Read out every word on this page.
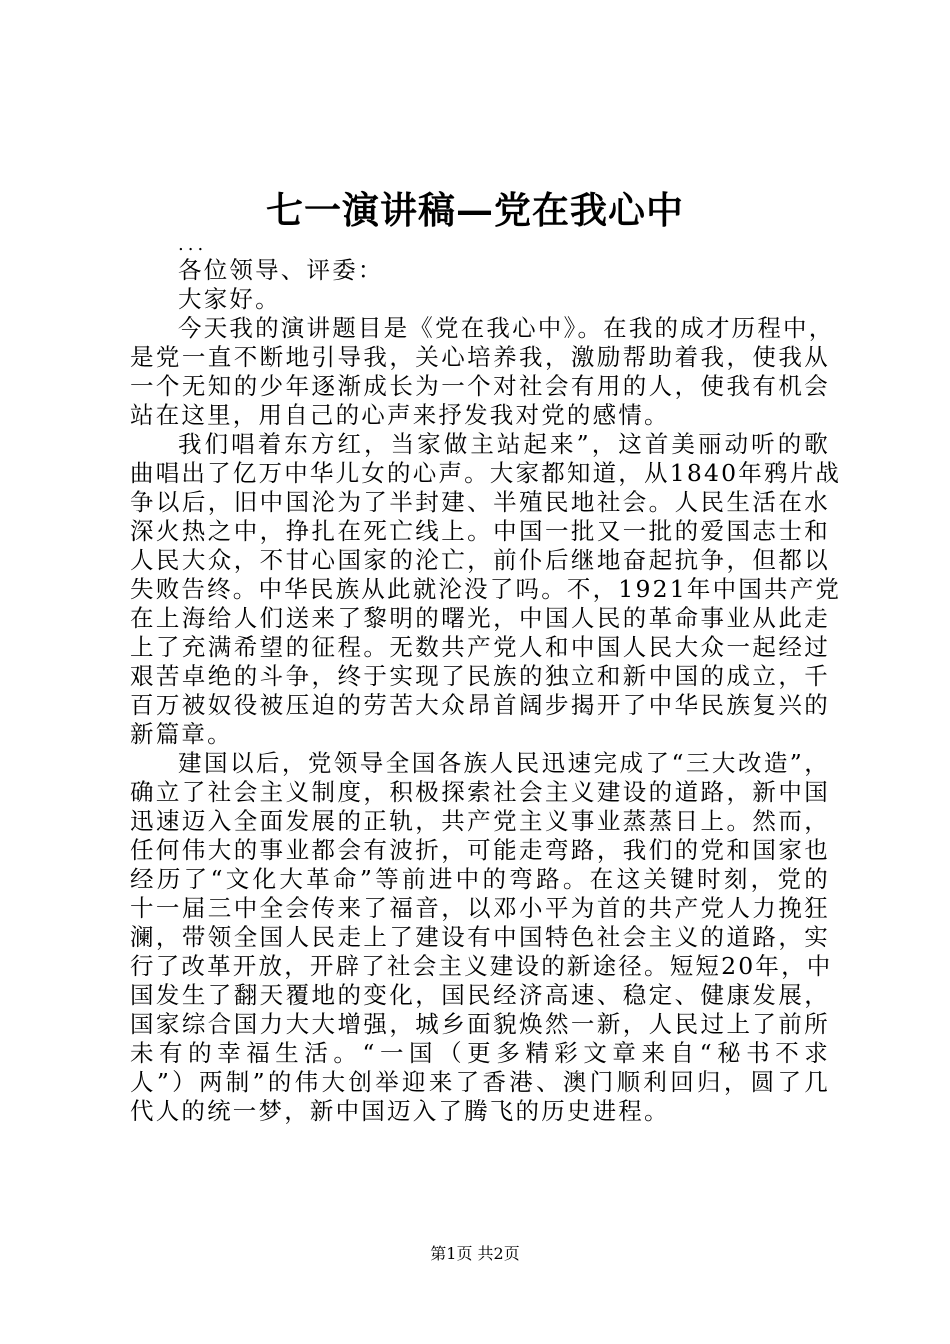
七一演讲稿—党在我心中
...
各位领导、评委：
大家好。
今天我的演讲题目是《党在我心中》。在我的成才历程中，
是党一直不断地引导我，关心培养我，激励帮助着我，使我从
一个无知的少年逐渐成长为一个对社会有用的人，使我有机会
站在这里，用自己的心声来抒发我对党的感情。
我们唱着东方红，当家做主站起来”，这首美丽动听的歌
曲唱出了亿万中华儿女的心声。大家都知道，从1840年鸦片战
争以后，旧中国沦为了半封建、半殖民地社会。人民生活在水
深火热之中，挣扎在死亡线上。中国一批又一批的爱国志士和
人民大众，不甘心国家的沦亡，前仆后继地奋起抗争，但都以
失败告终。中华民族从此就沦没了吗。不，1921年中国共产党
在上海给人们送来了黎明的曙光，中国人民的革命事业从此走
上了充满希望的征程。无数共产党人和中国人民大众一起经过
艰苦卓绝的斗争，终于实现了民族的独立和新中国的成立，千
百万被奴役被压迫的劳苦大众昂首阔步揭开了中华民族复兴的
新篇章。
建国以后，党领导全国各族人民迅速完成了“三大改造”，
确立了社会主义制度，积极探索社会主义建设的道路，新中国
迅速迈入全面发展的正轨，共产党主义事业蒸蒸日上。然而，
任何伟大的事业都会有波折，可能走弯路，我们的党和国家也
经历了“文化大革命”等前进中的弯路。在这关键时刻，党的
十一届三中全会传来了福音，以邓小平为首的共产党人力挽狂
澜，带领全国人民走上了建设有中国特色社会主义的道路，实
行了改革开放，开辟了社会主义建设的新途径。短短20年，中
国发生了翻天覆地的变化，国民经济高速、稳定、健康发展，
国家综合国力大大增强，城乡面貌焕然一新，人民过上了前所
未有的幸福生活。“一国（更多精彩文章来自“秘书不求
人”）两制”的伟大创举迎来了香港、澳门顺利回归，圆了几
代人的统一梦，新中国迈入了腾飞的历史进程。
第1页 共2页
